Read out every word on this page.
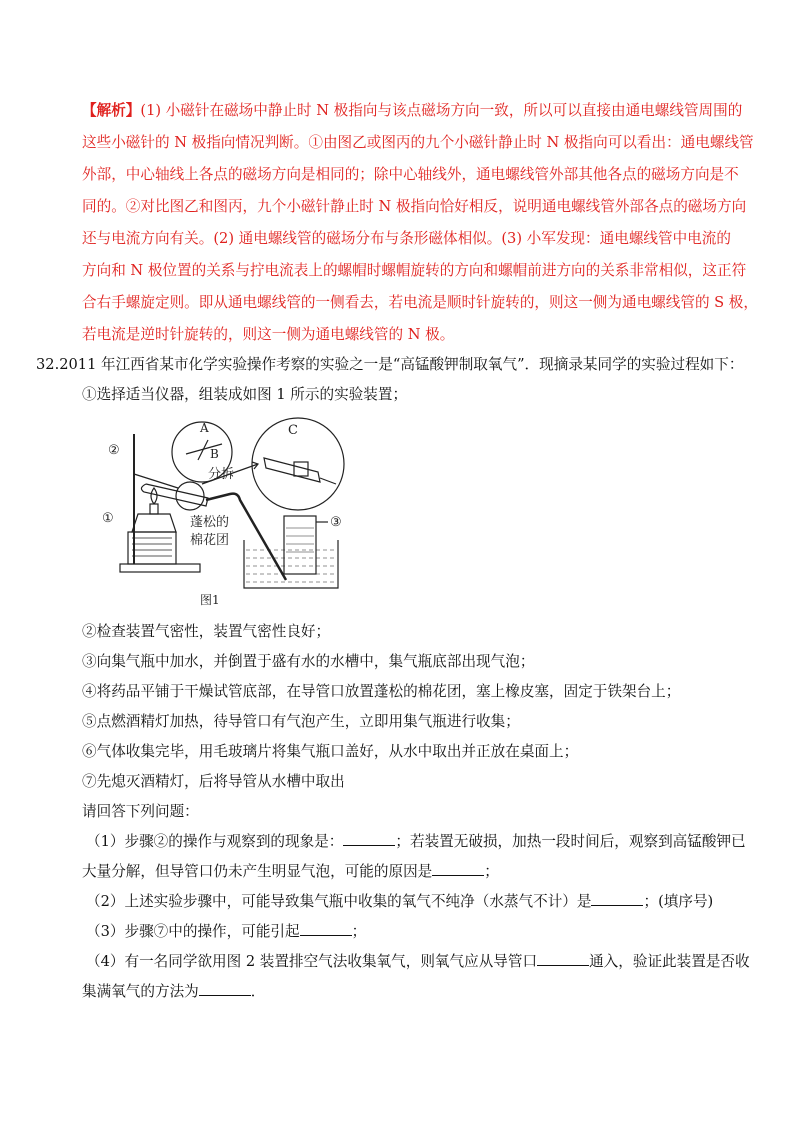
【解析】(1) 小磁针在磁场中静止时 N 极指向与该点磁场方向一致，所以可以直接由通电螺线管周围的

这些小磁针的 N 极指向情况判断。①由图乙或图丙的九个小磁针静止时 N 极指向可以看出：通电螺线管

外部，中心轴线上各点的磁场方向是相同的；除中心轴线外，通电螺线管外部其他各点的磁场方向是不

同的。②对比图乙和图丙，九个小磁针静止时 N 极指向恰好相反，说明通电螺线管外部各点的磁场方向

还与电流方向有关。(2) 通电螺线管的磁场分布与条形磁体相似。(3) 小军发现：通电螺线管中电流的

方向和 N 极位置的关系与拧电流表上的螺帽时螺帽旋转的方向和螺帽前进方向的关系非常相似，这正符

合右手螺旋定则。即从通电螺线管的一侧看去，若电流是顺时针旋转的，则这一侧为通电螺线管的 S 极，

若电流是逆时针旋转的，则这一侧为通电螺线管的 N 极。

32.2011 年江西省某市化学实验操作考察的实验之一是“高锰酸钾制取氧气”．现摘录某同学的实验过程如下：

①选择适当仪器，组装成如图 1 所示的实验装置；

①
②
③
A
B
C
分拆
蓬松的
棉花团
图1

②检查装置气密性，装置气密性良好；

③向集气瓶中加水，并倒置于盛有水的水槽中，集气瓶底部出现气泡；

④将药品平铺于干燥试管底部，在导管口放置蓬松的棉花团，塞上橡皮塞，固定于铁架台上；

⑤点燃酒精灯加热，待导管口有气泡产生，立即用集气瓶进行收集；

⑥气体收集完毕，用毛玻璃片将集气瓶口盖好，从水中取出并正放在桌面上；

⑦先熄灭酒精灯，后将导管从水槽中取出

请回答下列问题：

（1）步骤②的操作与观察到的现象是：	；若装置无破损，加热一段时间后，观察到高锰酸钾已

大量分解，但导管口仍未产生明显气泡，可能的原因是	；

（2）上述实验步骤中，可能导致集气瓶中收集的氧气不纯净（水蒸气不计）是	；(填序号)

（3）步骤⑦中的操作，可能引起	；

（4）有一名同学欲用图 2 装置排空气法收集氧气，则氧气应从导管口	通入，验证此装置是否收

集满氧气的方法为	．
